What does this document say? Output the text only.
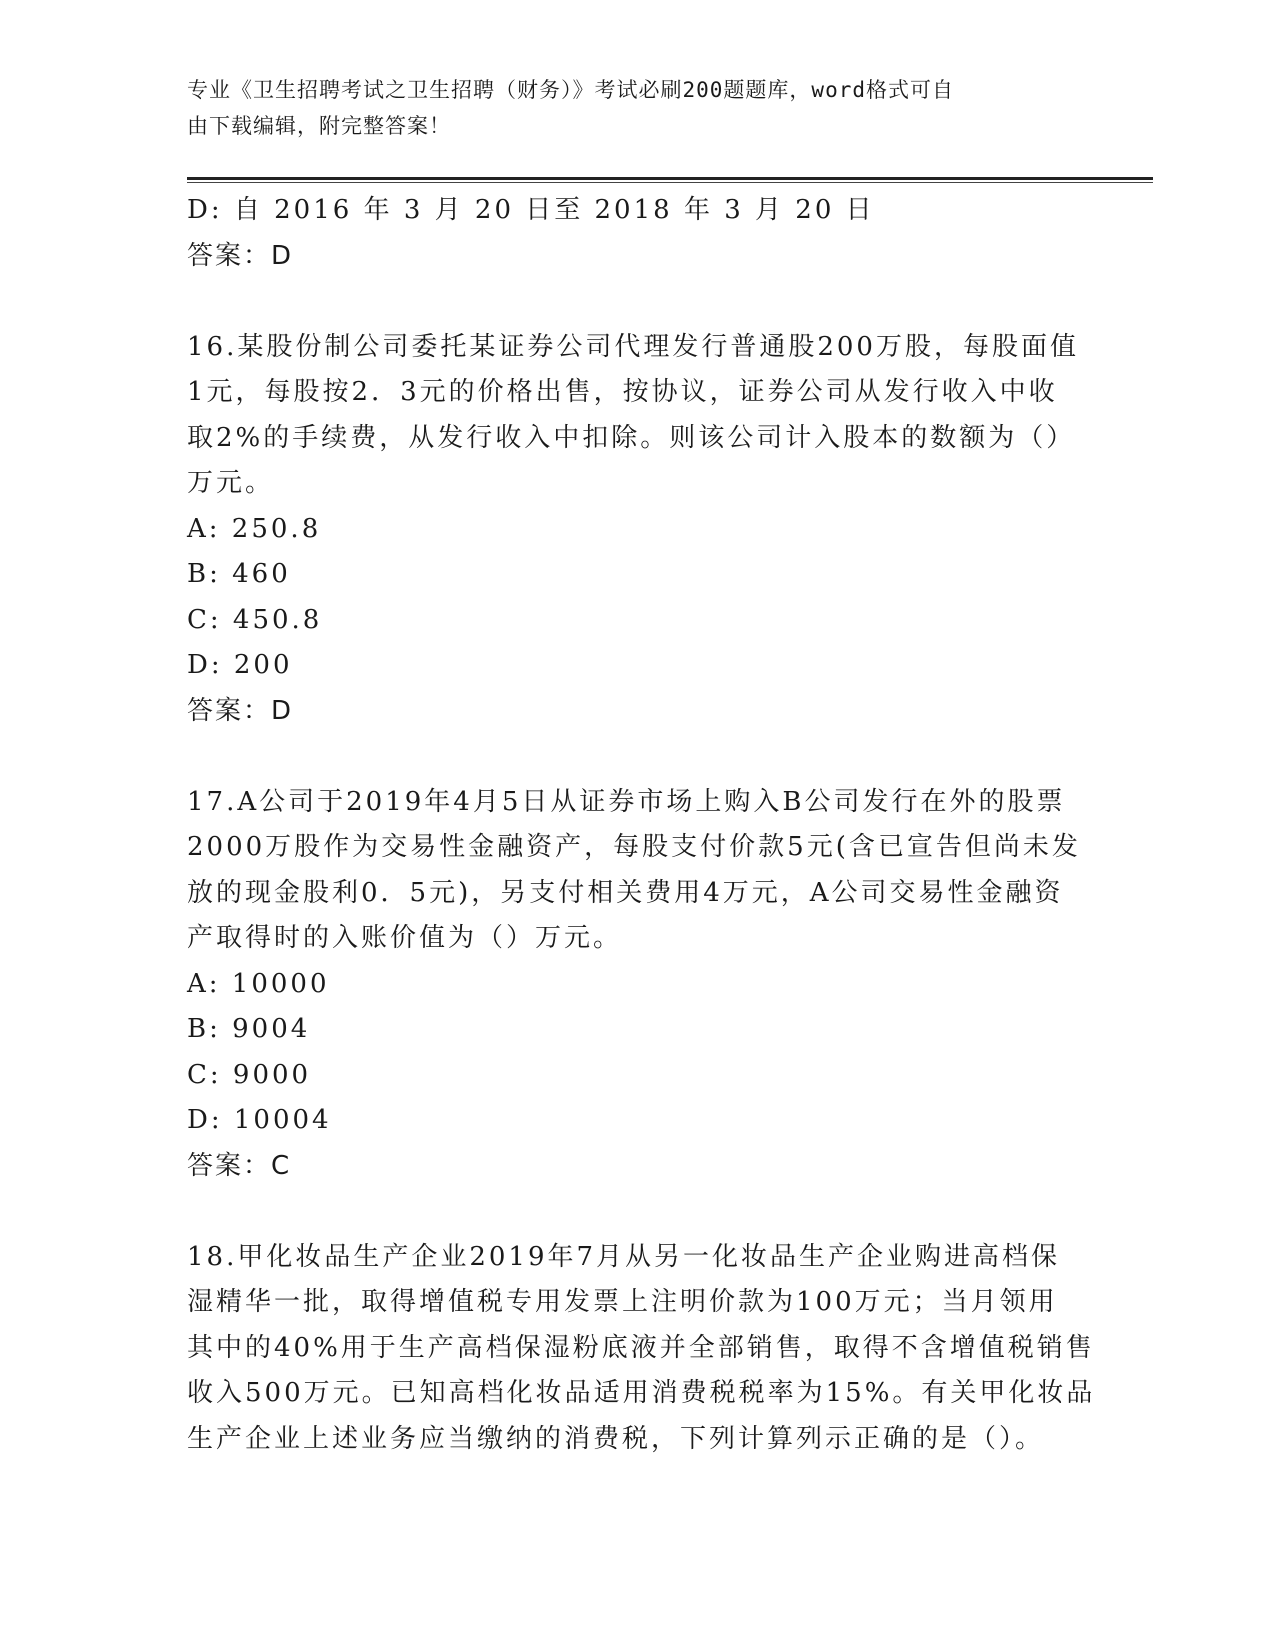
专业《卫生招聘考试之卫生招聘（财务）》考试必刷200题题库，word格式可自
由下载编辑，附完整答案！
D: 自 2016 年 3 月 20 日至 2018 年 3 月 20 日
答案：D
16.某股份制公司委托某证券公司代理发行普通股200万股，每股面值
1元，每股按2．3元的价格出售，按协议，证券公司从发行收入中收
取2%的手续费，从发行收入中扣除。则该公司计入股本的数额为（）
万元。
A: 250.8
B: 460
C: 450.8
D: 200
答案：D
17.A公司于2019年4月5日从证券市场上购入B公司发行在外的股票
2000万股作为交易性金融资产，每股支付价款5元(含已宣告但尚未发
放的现金股利0．5元)，另支付相关费用4万元，A公司交易性金融资
产取得时的入账价值为（）万元。
A: 10000
B: 9004
C: 9000
D: 10004
答案：C
18.甲化妆品生产企业2019年7月从另一化妆品生产企业购进高档保
湿精华一批，取得增值税专用发票上注明价款为100万元；当月领用
其中的40%用于生产高档保湿粉底液并全部销售，取得不含增值税销售
收入500万元。已知高档化妆品适用消费税税率为15%。有关甲化妆品
生产企业上述业务应当缴纳的消费税，下列计算列示正确的是（）。
